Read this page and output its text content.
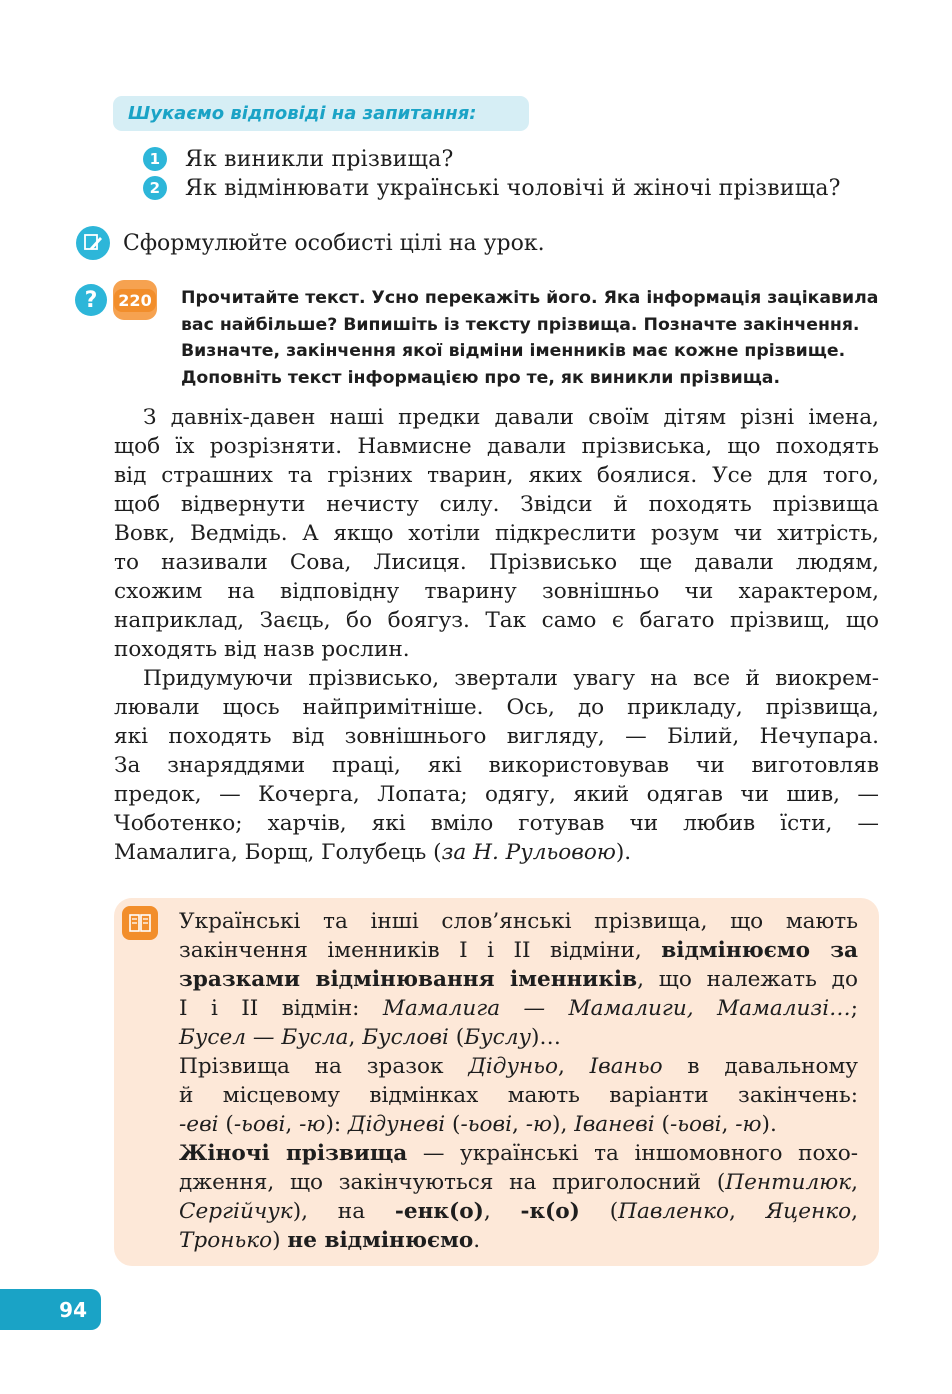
Шукаємо відповіді на запитання:
1	Як виникли прізвища?
2	Як відмінювати українські чоловічі й жіночі прізвища?
Сформулюйте особисті цілі на урок.
?	220 Прочитайте текст. Усно перекажіть його. Яка інформація зацікавила
вас найбільше? Випишіть із тексту прізвища. Позначте закінчення.
Визначте, закінчення якої відміни іменників має кожне прізвище.
Доповніть текст інформацією про те, як виникли прізвища.
З давніх-давен наші предки давали своїм дітям різні імена,
щоб їх розрізняти. Навмисне давали прізвиська, що походять
від страшних та грізних тварин, яких боялися. Усе для того,
щоб відвернути нечисту силу. Звідси й походять прізвища
Вовк, Ведмідь. А якщо хотіли підкреслити розум чи хитрість,
то називали Сова, Лисиця. Прізвисько ще давали людям,
схожим на відповідну тварину зовнішньо чи характером,
наприклад, Заєць, бо боягуз. Так само є багато прізвищ, що
походять від назв рослин.
Придумуючи прізвисько, звертали увагу на все й виокрем-
лювали щось найпримітніше. Ось, до прикладу, прізвища,
які походять від зовнішнього вигляду, — Білий, Нечупара.
За знаряддями праці, які використовував чи виготовляв
предок, — Кочерга, Лопата; одягу, який одягав чи шив, —
Чоботенко; харчів, які вміло готував чи любив їсти, —
Мамалига, Борщ, Голубець (за Н. Рульовою).
Українські та інші слов’янські прізвища, що мають
закінчення іменників І і ІІ відміни, відмінюємо за
зразками відмінювання іменників, що належать до
І і ІІ відмін: Мамалига — Мамалиги, Мамализі…;
Бусел — Бусла, Буслові (Буслу)…
Прізвища на зразок Дідуньо, Іваньо в давальному
й місцевому відмінках мають варіанти закінчень:
-еві (-ьові, -ю): Дідуневі (-ьові, -ю), Іваневі (-ьові, -ю).
Жіночі прізвища — українські та іншомовного похо-
дження, що закінчуються на приголосний (Пентилюк,
Сергійчук), на -енк(о), -к(о) (Павленко, Яценко,
Тронько) не відмінюємо.
94
